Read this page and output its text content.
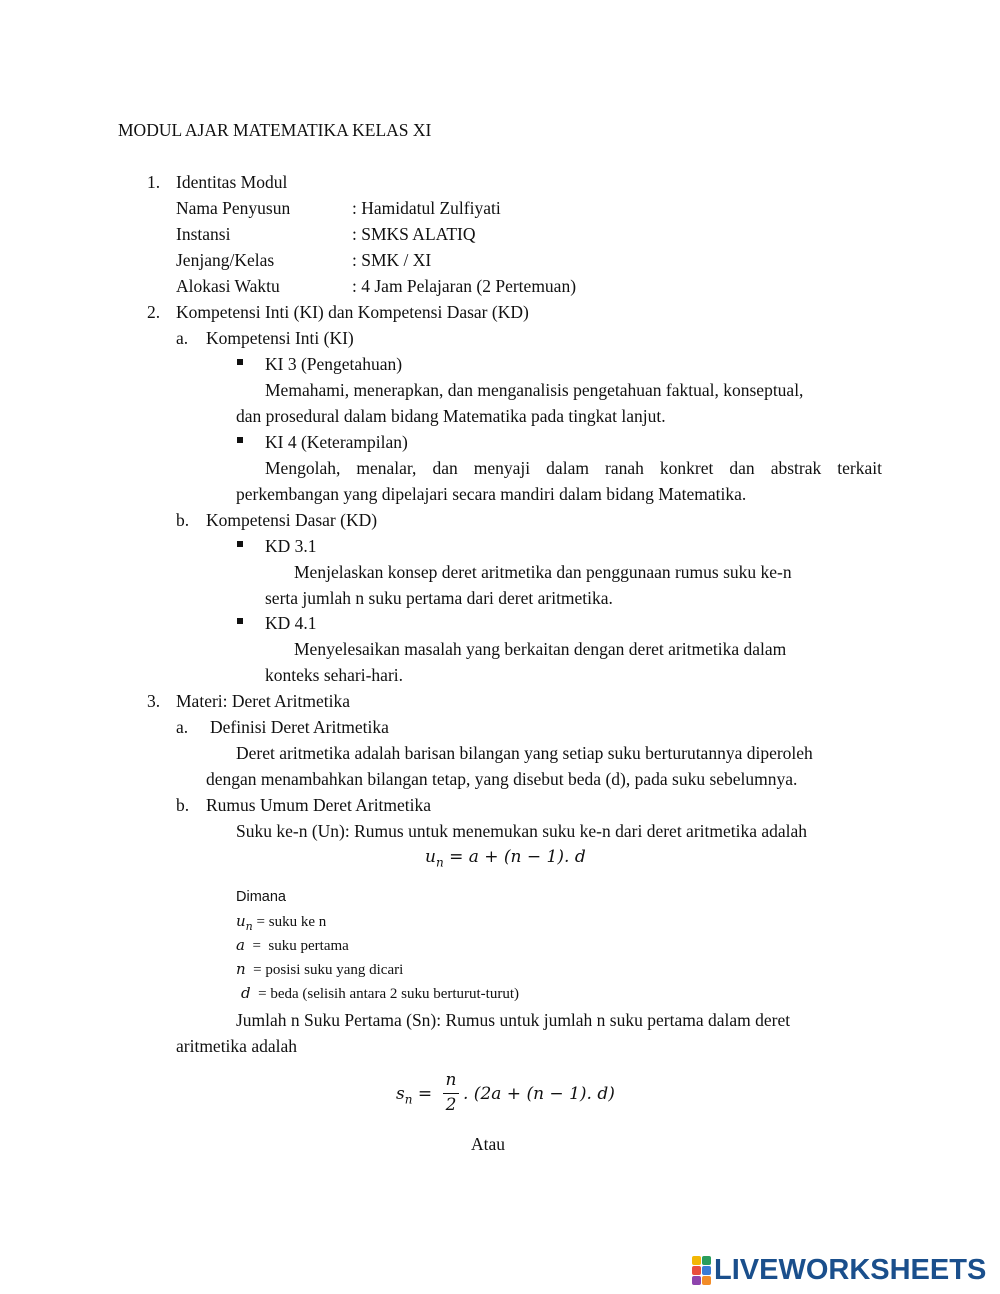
MODUL AJAR MATEMATIKA KELAS XI
1. Identitas Modul
Nama Penyusun	: Hamidatul Zulfiyati
Instansi	: SMKS ALATIQ
Jenjang/Kelas	: SMK / XI
Alokasi Waktu	: 4 Jam Pelajaran (2 Pertemuan)
2. Kompetensi Inti (KI) dan Kompetensi Dasar (KD)
a. Kompetensi Inti (KI)
KI 3 (Pengetahuan)
Memahami, menerapkan, dan menganalisis pengetahuan faktual, konseptual,
dan prosedural dalam bidang Matematika pada tingkat lanjut.
KI 4 (Keterampilan)
Mengolah, menalar, dan menyaji dalam ranah konkret dan abstrak terkait
perkembangan yang dipelajari secara mandiri dalam bidang Matematika.
b. Kompetensi Dasar (KD)
KD 3.1
Menjelaskan konsep deret aritmetika dan penggunaan rumus suku ke-n
serta jumlah n suku pertama dari deret aritmetika.
KD 4.1
Menyelesaikan masalah yang berkaitan dengan deret aritmetika dalam
konteks sehari-hari.
3. Materi: Deret Aritmetika
a. Definisi Deret Aritmetika
Deret aritmetika adalah barisan bilangan yang setiap suku berturutannya diperoleh
dengan menambahkan bilangan tetap, yang disebut beda (d), pada suku sebelumnya.
b. Rumus Umum Deret Aritmetika
Suku ke-n (Un): Rumus untuk menemukan suku ke-n dari deret aritmetika adalah
$u_n = a + (n - 1)$. d
Dimana
$u_n$ = suku ke n
a  =  suku pertama
n  = posisi suku yang dicari
d  = beda (selisih antara 2 suku berturut-turut)
Jumlah n Suku Pertama (Sn): Rumus untuk jumlah n suku pertama dalam deret
aritmetika adalah
$s_n$ =
n
2
. (2a + (n − 1). d)
Atau
LIVEWORKSHEETS
